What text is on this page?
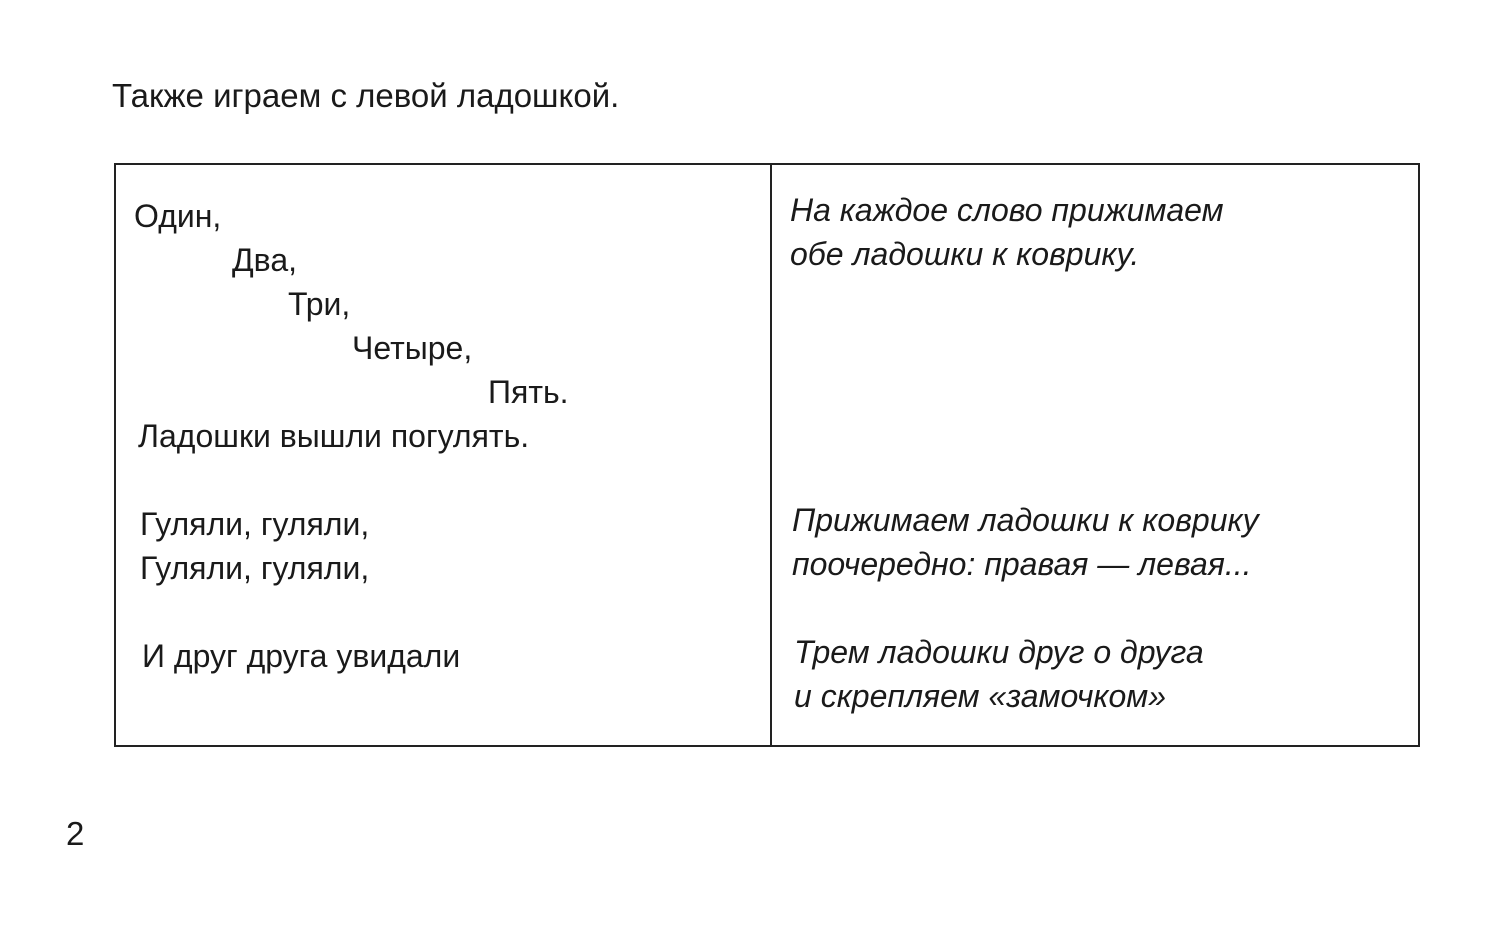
Также играем с левой ладошкой.
Один,
Два,
Три,
Четыре,
Пять.
Ладошки вышли погулять.
Гуляли, гуляли,
Гуляли, гуляли,
И друг друга увидали
На каждое слово прижимаем
обе ладошки к коврику.
Прижимаем ладошки к коврику
поочередно: правая — левая...
Трем ладошки друг о друга
и скрепляем «замочком»
2
